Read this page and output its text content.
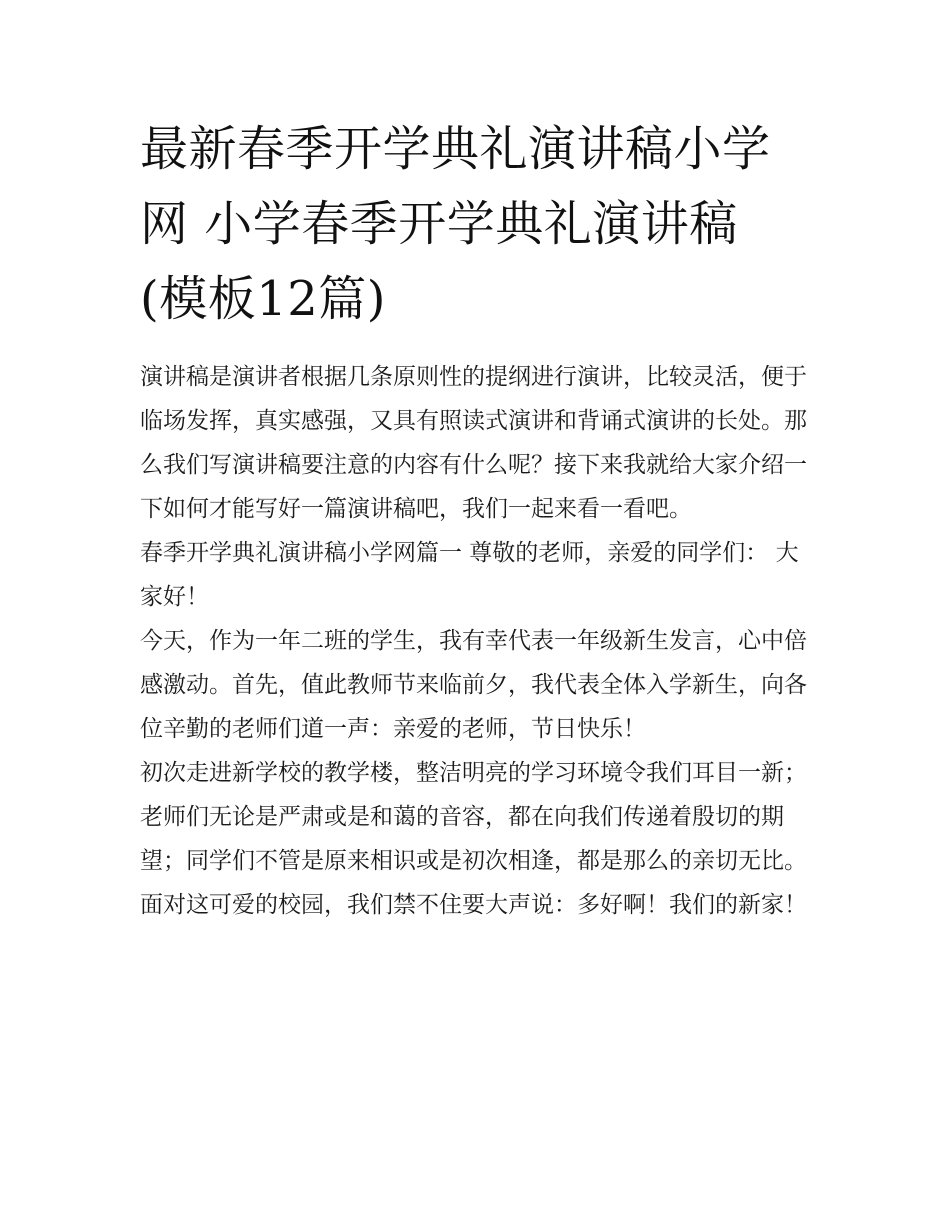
最新春季开学典礼演讲稿小学
网 小学春季开学典礼演讲稿
(模板12篇)

演讲稿是演讲者根据几条原则性的提纲进行演讲，比较灵活，便于临场发挥，真实感强，又具有照读式演讲和背诵式演讲的长处。那么我们写演讲稿要注意的内容有什么呢？接下来我就给大家介绍一下如何才能写好一篇演讲稿吧，我们一起来看一看吧。

春季开学典礼演讲稿小学网篇一 尊敬的老师，亲爱的同学们： 大家好！

今天，作为一年二班的学生，我有幸代表一年级新生发言，心中倍感激动。首先，值此教师节来临前夕，我代表全体入学新生，向各位辛勤的老师们道一声：亲爱的老师，节日快乐！

初次走进新学校的教学楼，整洁明亮的学习环境令我们耳目一新；老师们无论是严肃或是和蔼的音容，都在向我们传递着殷切的期望；同学们不管是原来相识或是初次相逢，都是那么的亲切无比。面对这可爱的校园，我们禁不住要大声说：多好啊！我们的新家！
